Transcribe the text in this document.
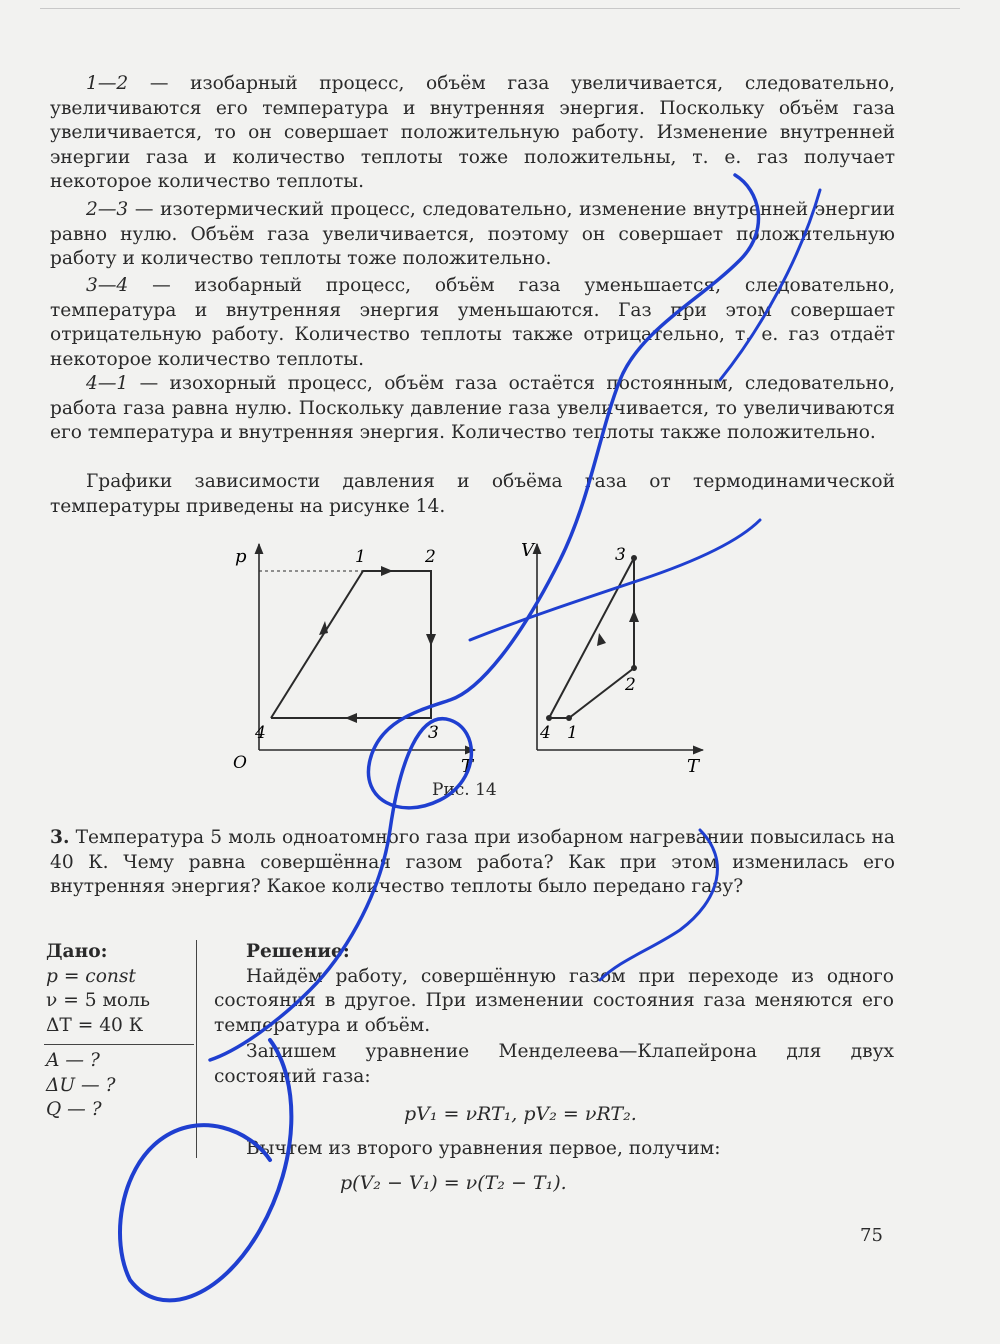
1—2 — изобарный процесс, объём газа увеличивается, следовательно, увеличиваются его температура и внутренняя энергия. Поскольку объём газа увеличивается, то он совершает положительную работу. Изменение внутренней энергии газа и количество теплоты тоже положительны, т. е. газ получает некоторое количество теплоты.

2—3 — изотермический процесс, следовательно, изменение внутренней энергии равно нулю. Объём газа увеличивается, поэтому он совершает положительную работу и количество теплоты тоже положительно.

3—4 — изобарный процесс, объём газа уменьшается, следовательно, температура и внутренняя энергия уменьшаются. Газ при этом совершает отрицательную работу. Количество теплоты также отрицательно, т. е. газ отдаёт некоторое количество теплоты.

4—1 — изохорный процесс, объём газа остаётся постоянным, следовательно, работа газа равна нулю. Поскольку давление газа увеличивается, то увеличиваются его температура и внутренняя энергия. Количество теплоты также положительно.

Графики зависимости давления и объёма газа от термодинамической температуры приведены на рисунке 14.

p
T
O
1	2
3
4
V
T
3
2
1
4
Рис. 14

3. Температура 5 моль одноатомного газа при изобарном нагревании повысилась на 40 К. Чему равна совершённая газом работа? Как при этом изменилась его внутренняя энергия? Какое количество теплоты было передано газу?

Дано:
p = const
ν = 5 моль
ΔT = 40 К
A — ?
ΔU — ?
Q — ?
Решение:

Найдём работу, совершённую газом при переходе из одного состояния в другое. При изменении состояния газа меняются его температура и объём.

Запишем уравнение Менделеева—Клапейрона для двух состояний газа:

pV₁ = νRT₁, pV₂ = νRT₂.

Вычтем из второго уравнения первое, получим:

p(V₂ − V₁) = ν(T₂ − T₁).
75
